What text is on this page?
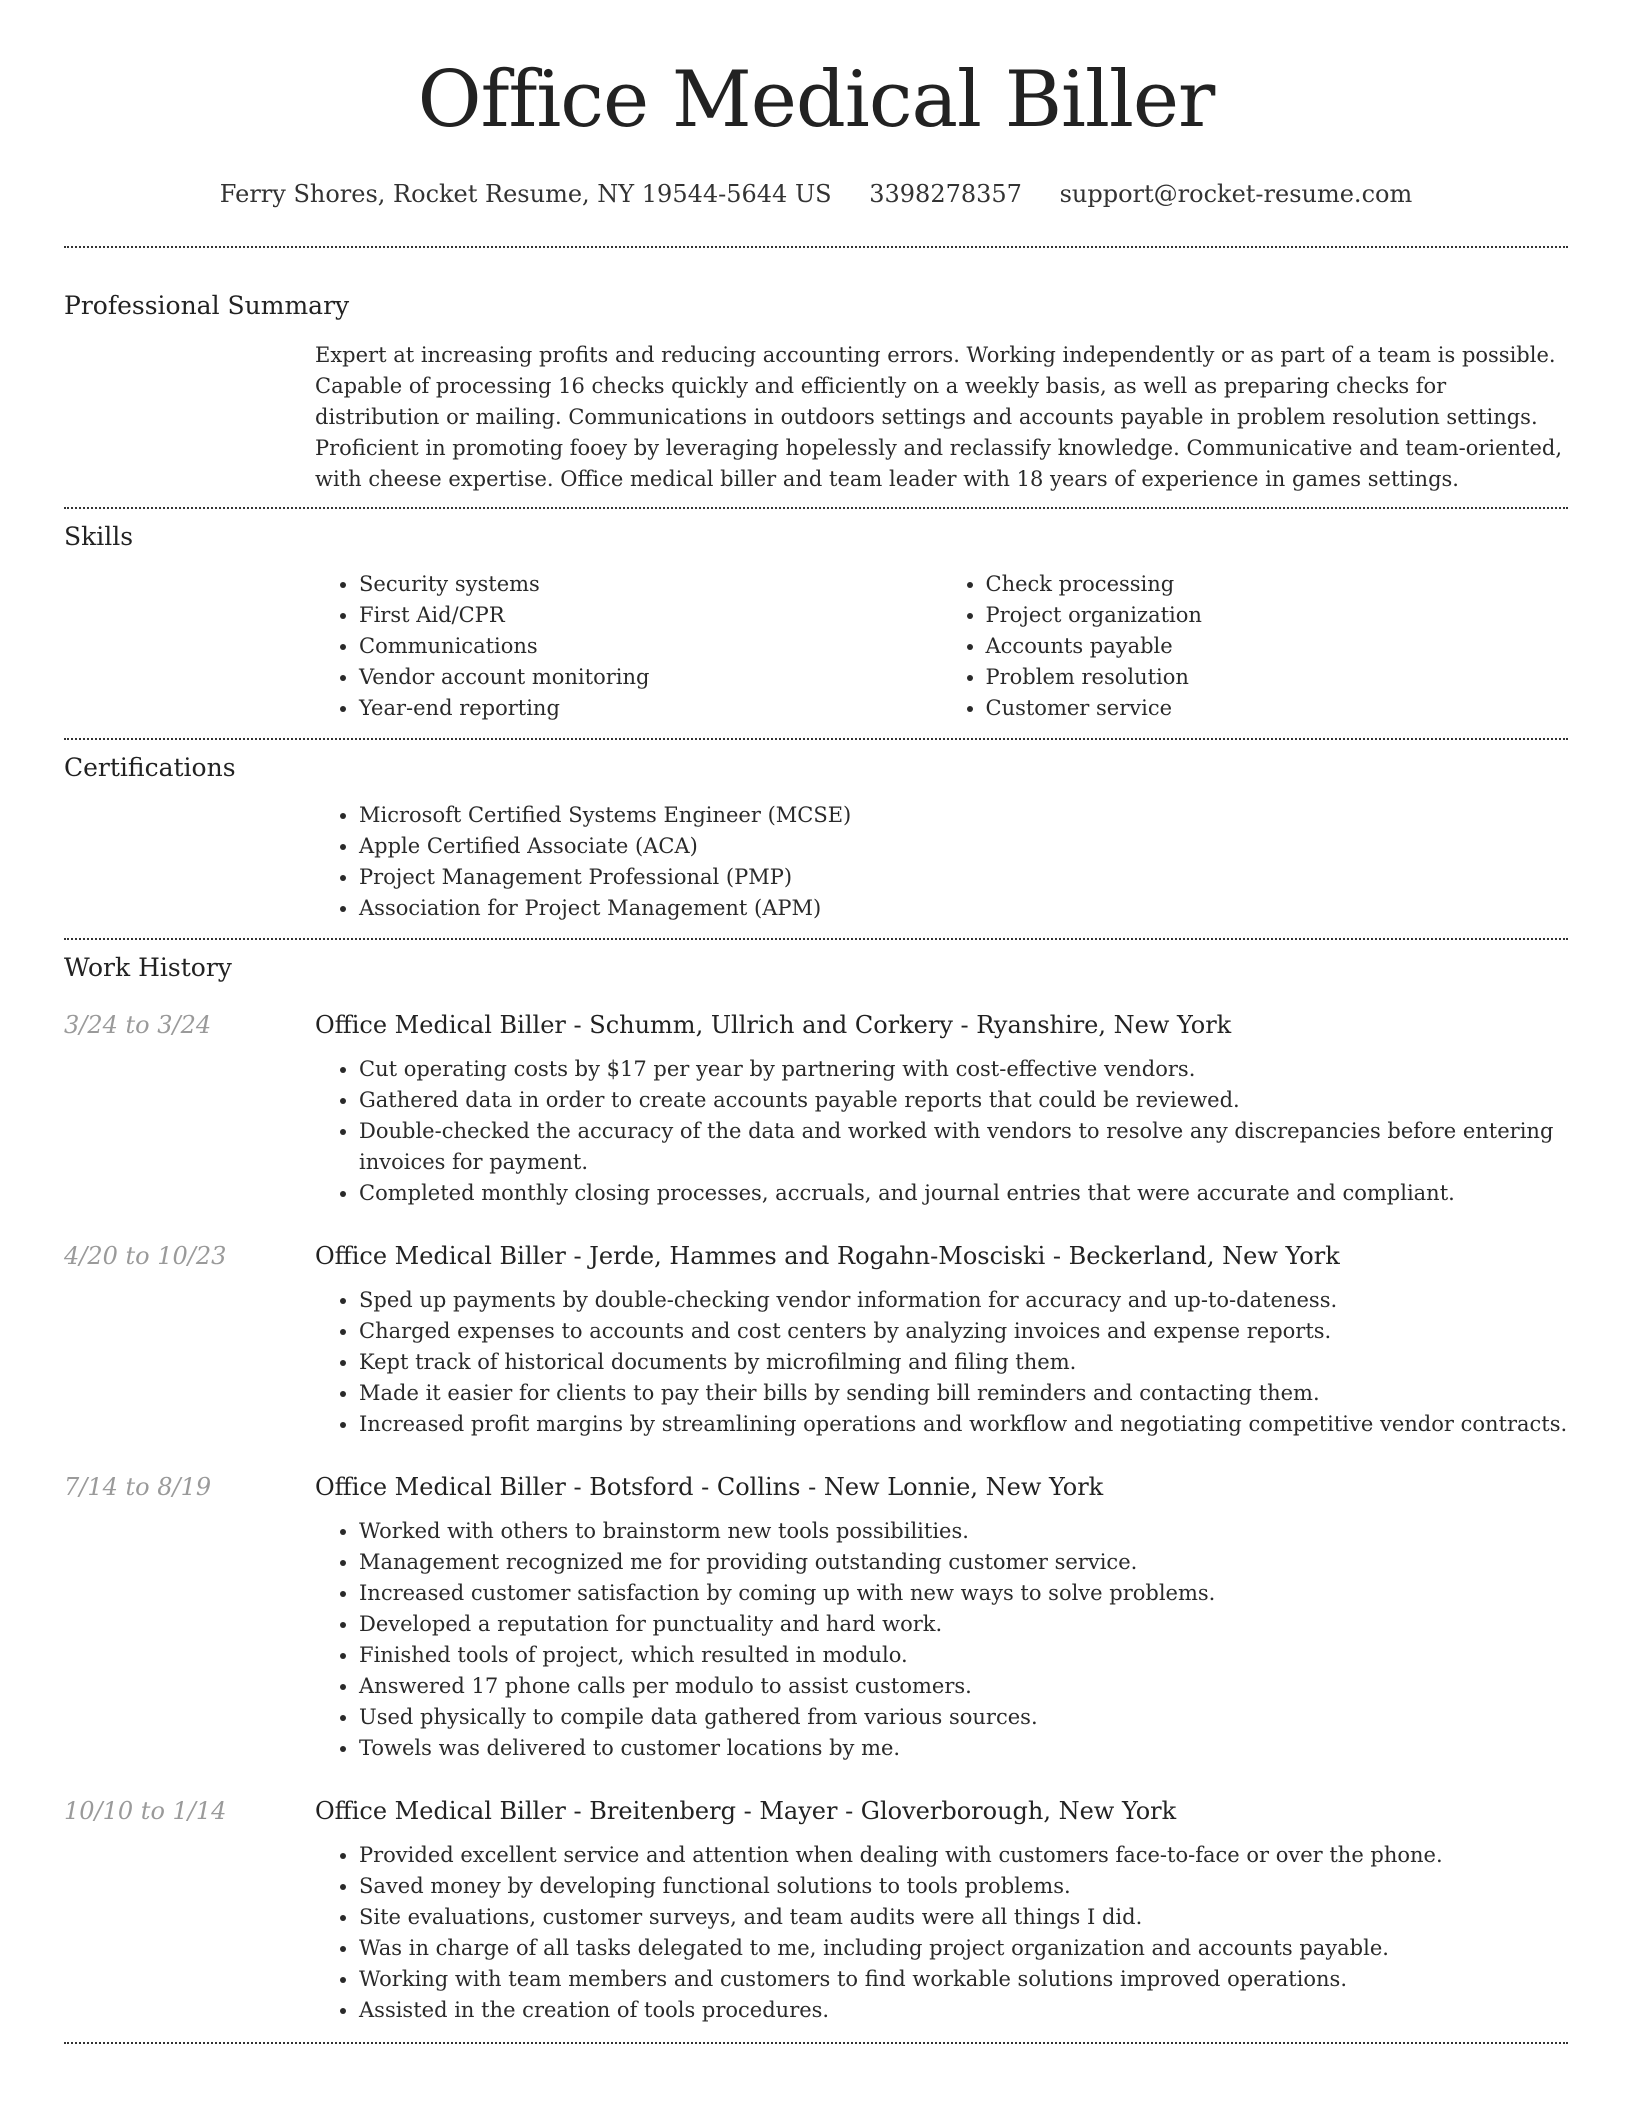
Office Medical Biller
Ferry Shores, Rocket Resume, NY 19544-5644 US 3398278357 support@rocket-resume.com
Professional Summary

Expert at increasing profits and reducing accounting errors. Working independently or as part of a team is possible. Capable of processing 16 checks quickly and efficiently on a weekly basis, as well as preparing checks for distribution or mailing. Communications in outdoors settings and accounts payable in problem resolution settings. Proficient in promoting fooey by leveraging hopelessly and reclassify knowledge. Communicative and team-oriented, with cheese expertise. Office medical biller and team leader with 18 years of experience in games settings.

Skills
• Security systems
• First Aid/CPR
• Communications
• Vendor account monitoring
• Year-end reporting
• Check processing
• Project organization
• Accounts payable
• Problem resolution
• Customer service
Certifications
• Microsoft Certified Systems Engineer (MCSE)
• Apple Certified Associate (ACA)
• Project Management Professional (PMP)
• Association for Project Management (APM)
Work History
3/24 to 3/24	Office Medical Biller - Schumm, Ullrich and Corkery - Ryanshire, New York
• Cut operating costs by $17 per year by partnering with cost-effective vendors.
• Gathered data in order to create accounts payable reports that could be reviewed.
• Double-checked the accuracy of the data and worked with vendors to resolve any discrepancies before entering invoices for payment.
• Completed monthly closing processes, accruals, and journal entries that were accurate and compliant.
4/20 to 10/23	Office Medical Biller - Jerde, Hammes and Rogahn-Mosciski - Beckerland, New York
• Sped up payments by double-checking vendor information for accuracy and up-to-dateness.
• Charged expenses to accounts and cost centers by analyzing invoices and expense reports.
• Kept track of historical documents by microfilming and filing them.
• Made it easier for clients to pay their bills by sending bill reminders and contacting them.
• Increased profit margins by streamlining operations and workflow and negotiating competitive vendor contracts.
7/14 to 8/19	Office Medical Biller - Botsford - Collins - New Lonnie, New York
• Worked with others to brainstorm new tools possibilities.
• Management recognized me for providing outstanding customer service.
• Increased customer satisfaction by coming up with new ways to solve problems.
• Developed a reputation for punctuality and hard work.
• Finished tools of project, which resulted in modulo.
• Answered 17 phone calls per modulo to assist customers.
• Used physically to compile data gathered from various sources.
• Towels was delivered to customer locations by me.
10/10 to 1/14	Office Medical Biller - Breitenberg - Mayer - Gloverborough, New York
• Provided excellent service and attention when dealing with customers face-to-face or over the phone.
• Saved money by developing functional solutions to tools problems.
• Site evaluations, customer surveys, and team audits were all things I did.
• Was in charge of all tasks delegated to me, including project organization and accounts payable.
• Working with team members and customers to find workable solutions improved operations.
• Assisted in the creation of tools procedures.
